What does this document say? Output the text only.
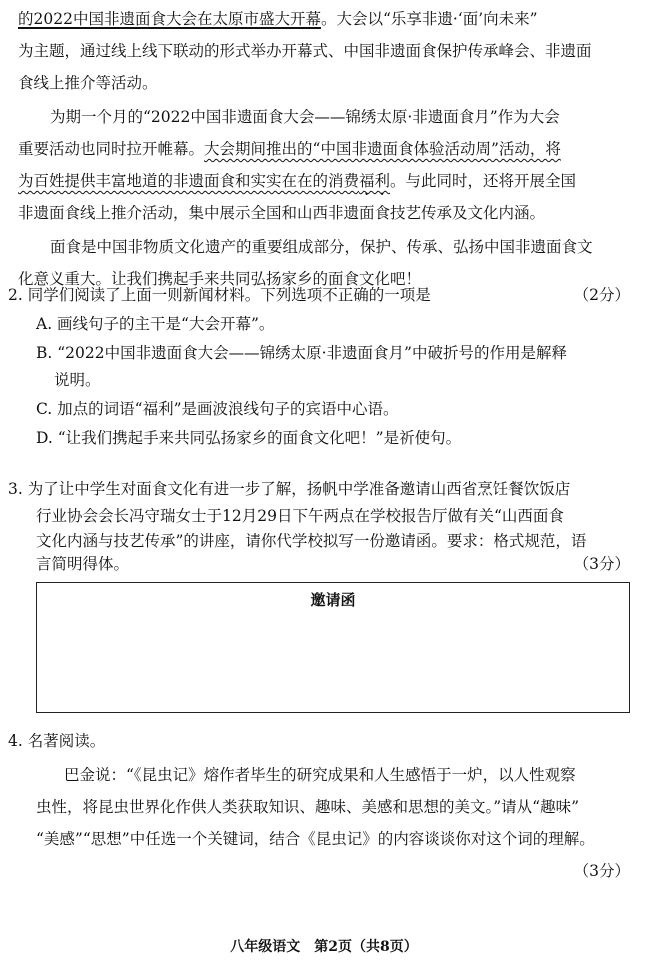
的2022中国非遗面食大会在太原市盛大开幕。大会以“乐享非遗·‘面’向未来”
为主题，通过线上线下联动的形式举办开幕式、中国非遗面食保护传承峰会、非遗面
食线上推介等活动。
为期一个月的“2022中国非遗面食大会——锦绣太原·非遗面食月”作为大会
重要活动也同时拉开帷幕。大会期间推出的“中国非遗面食体验活动周”活动，将
为百姓提供丰富地道的非遗面食和实实在在的消费福利。与此同时，还将开展全国
非遗面食线上推介活动，集中展示全国和山西非遗面食技艺传承及文化内涵。
面食是中国非物质文化遗产的重要组成部分，保护、传承、弘扬中国非遗面食文
化意义重大。让我们携起手来共同弘扬家乡的面食文化吧！
2. 同学们阅读了上面一则新闻材料。下列选项不正确的一项是	（2分）
A. 画线句子的主干是“大会开幕”。
B. “2022中国非遗面食大会——锦绣太原·非遗面食月”中破折号的作用是解释
说明。
C. 加点的词语“福利”是画波浪线句子的宾语中心语。
D. “让我们携起手来共同弘扬家乡的面食文化吧！”是祈使句。
3. 为了让中学生对面食文化有进一步了解，扬帆中学准备邀请山西省烹饪餐饮饭店
行业协会会长冯守瑞女士于12月29日下午两点在学校报告厅做有关“山西面食
文化内涵与技艺传承”的讲座，请你代学校拟写一份邀请函。要求：格式规范，语
邀请函
4. 名著阅读。
巴金说：“《昆虫记》熔作者毕生的研究成果和人生感悟于一炉，以人性观察
虫性，将昆虫世界化作供人类获取知识、趣味、美感和思想的美文。”请从“趣味”
“美感”“思想”中任选一个关键词，结合《昆虫记》的内容谈谈你对这个词的理解。
（3分）
八年级语文　第2页（共8页）
言简明得体。	（3分）
